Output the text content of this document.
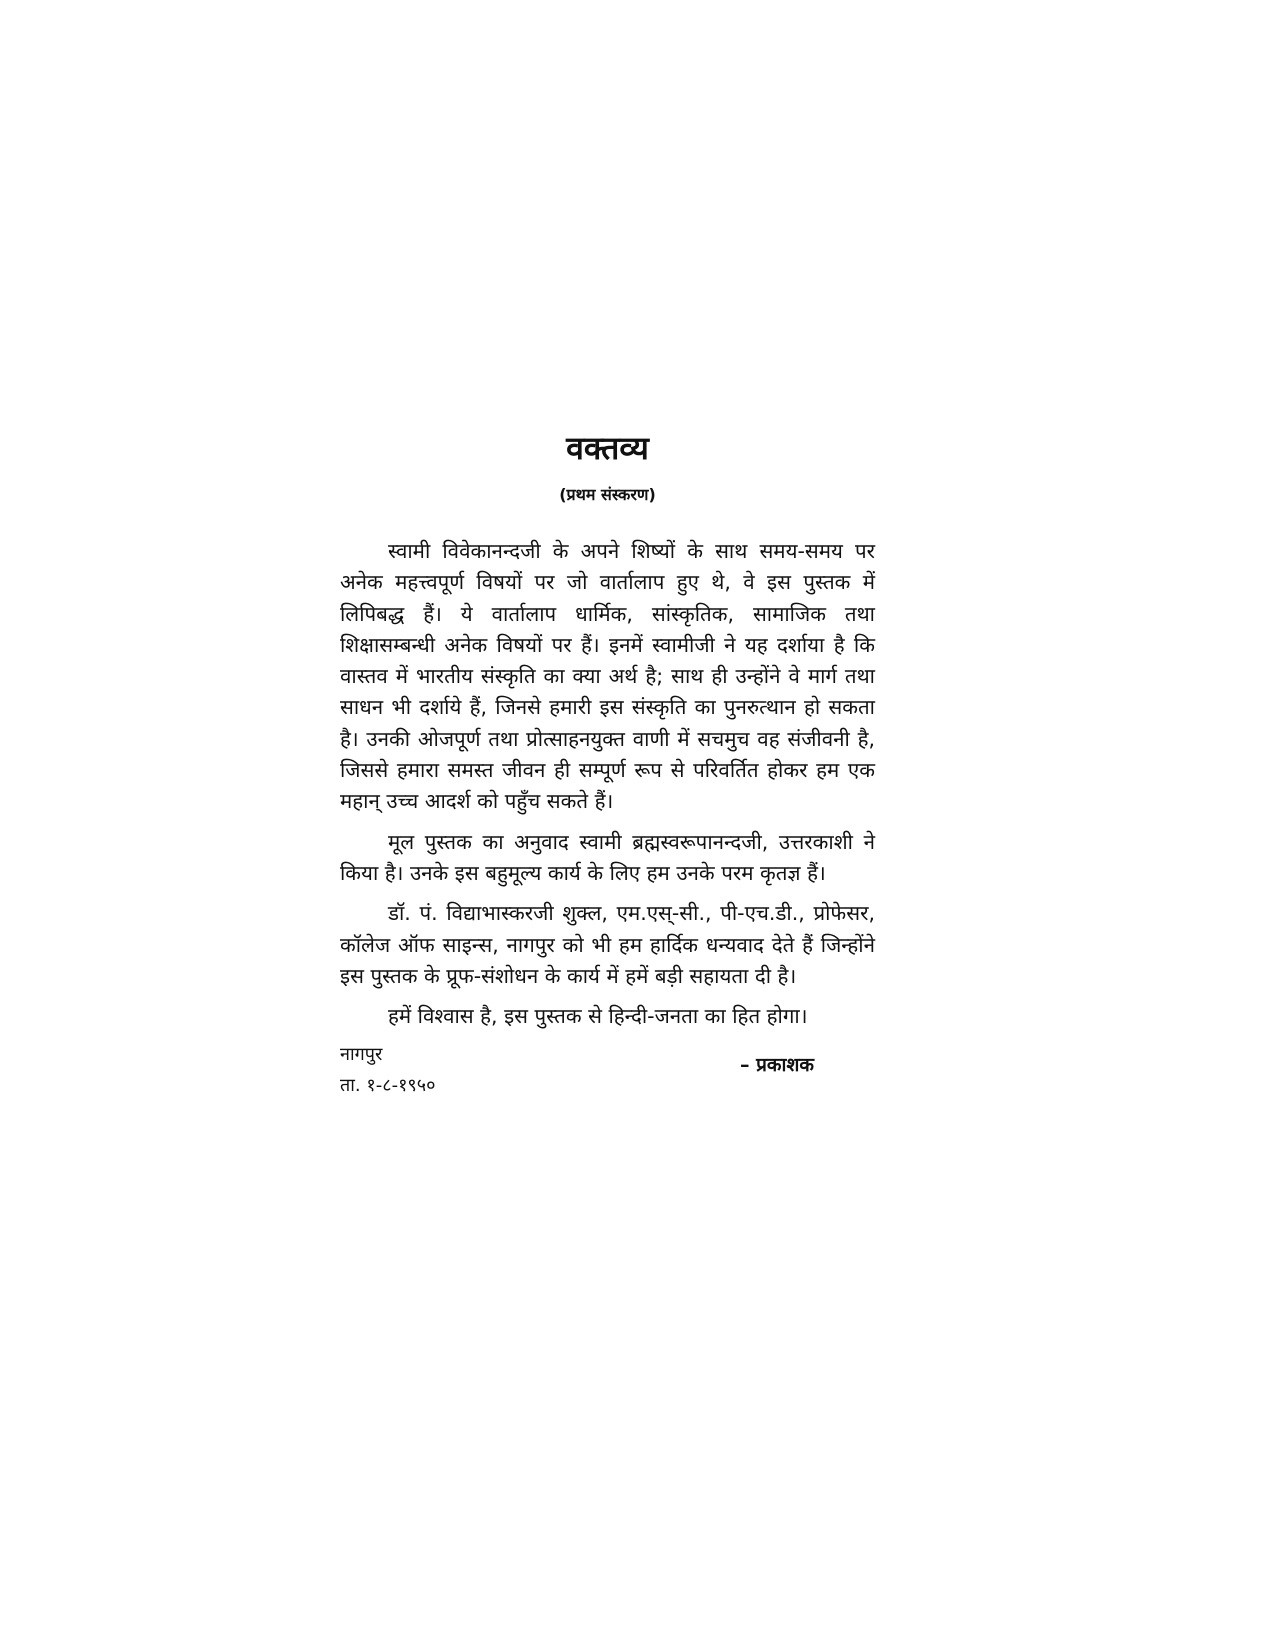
वक्तव्य
(प्रथम संस्करण)

स्वामी विवेकानन्दजी के अपने शिष्यों के साथ समय-समय पर अनेक महत्त्वपूर्ण विषयों पर जो वार्तालाप हुए थे, वे इस पुस्तक में लिपिबद्ध हैं। ये वार्तालाप धार्मिक, सांस्कृतिक, सामाजिक तथा शिक्षासम्बन्धी अनेक विषयों पर हैं। इनमें स्वामीजी ने यह दर्शाया है कि वास्तव में भारतीय संस्कृति का क्या अर्थ है; साथ ही उन्होंने वे मार्ग तथा साधन भी दर्शाये हैं, जिनसे हमारी इस संस्कृति का पुनरुत्थान हो सकता है। उनकी ओजपूर्ण तथा प्रोत्साहनयुक्त वाणी में सचमुच वह संजीवनी है, जिससे हमारा समस्त जीवन ही सम्पूर्ण रूप से परिवर्तित होकर हम एक महान् उच्च आदर्श को पहुँच सकते हैं।

मूल पुस्तक का अनुवाद स्वामी ब्रह्मस्वरूपानन्दजी, उत्तरकाशी ने किया है। उनके इस बहुमूल्य कार्य के लिए हम उनके परम कृतज्ञ हैं।

डॉ. पं. विद्याभास्करजी शुक्ल, एम.एस्-सी., पी-एच.डी., प्रोफेसर, कॉलेज ऑफ साइन्स, नागपुर को भी हम हार्दिक धन्यवाद देते हैं जिन्होंने इस पुस्तक के प्रूफ-संशोधन के कार्य में हमें बड़ी सहायता दी है।

हमें विश्वास है, इस पुस्तक से हिन्दी-जनता का हित होगा।

नागपुर
ता. १-८-१९५०
– प्रकाशक
